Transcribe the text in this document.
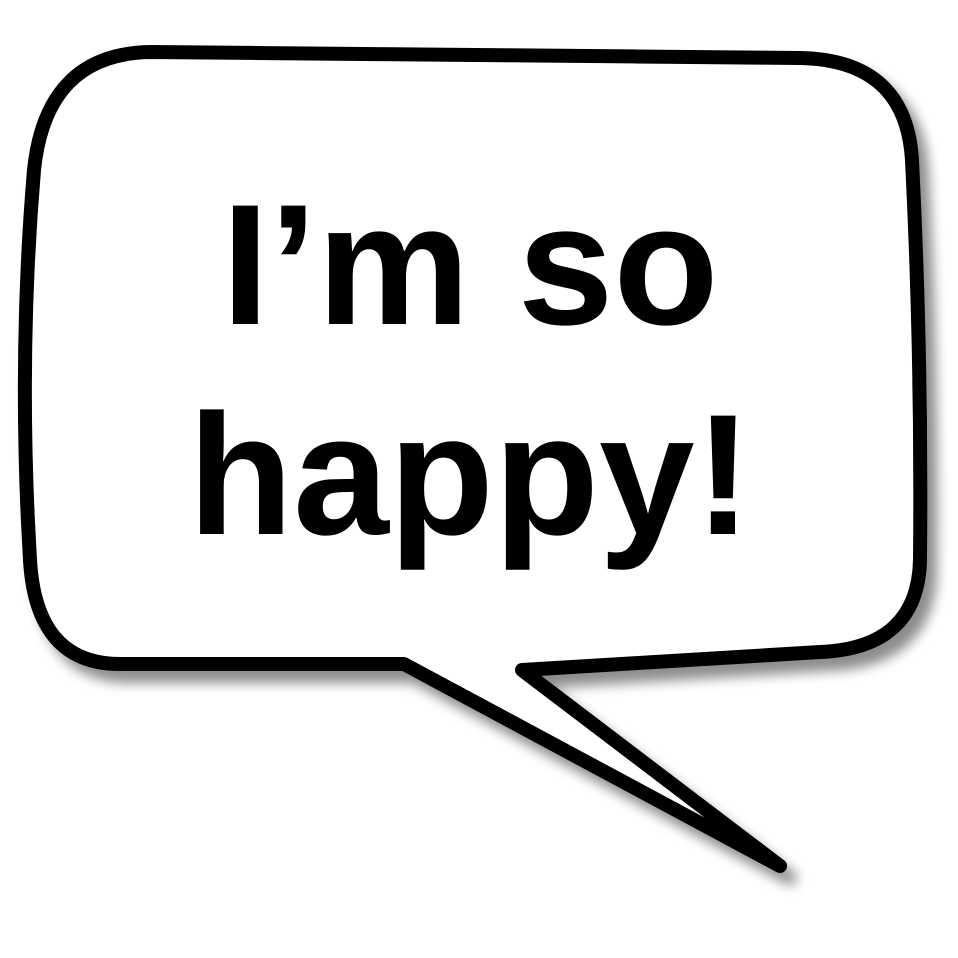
I’m so
happy!
